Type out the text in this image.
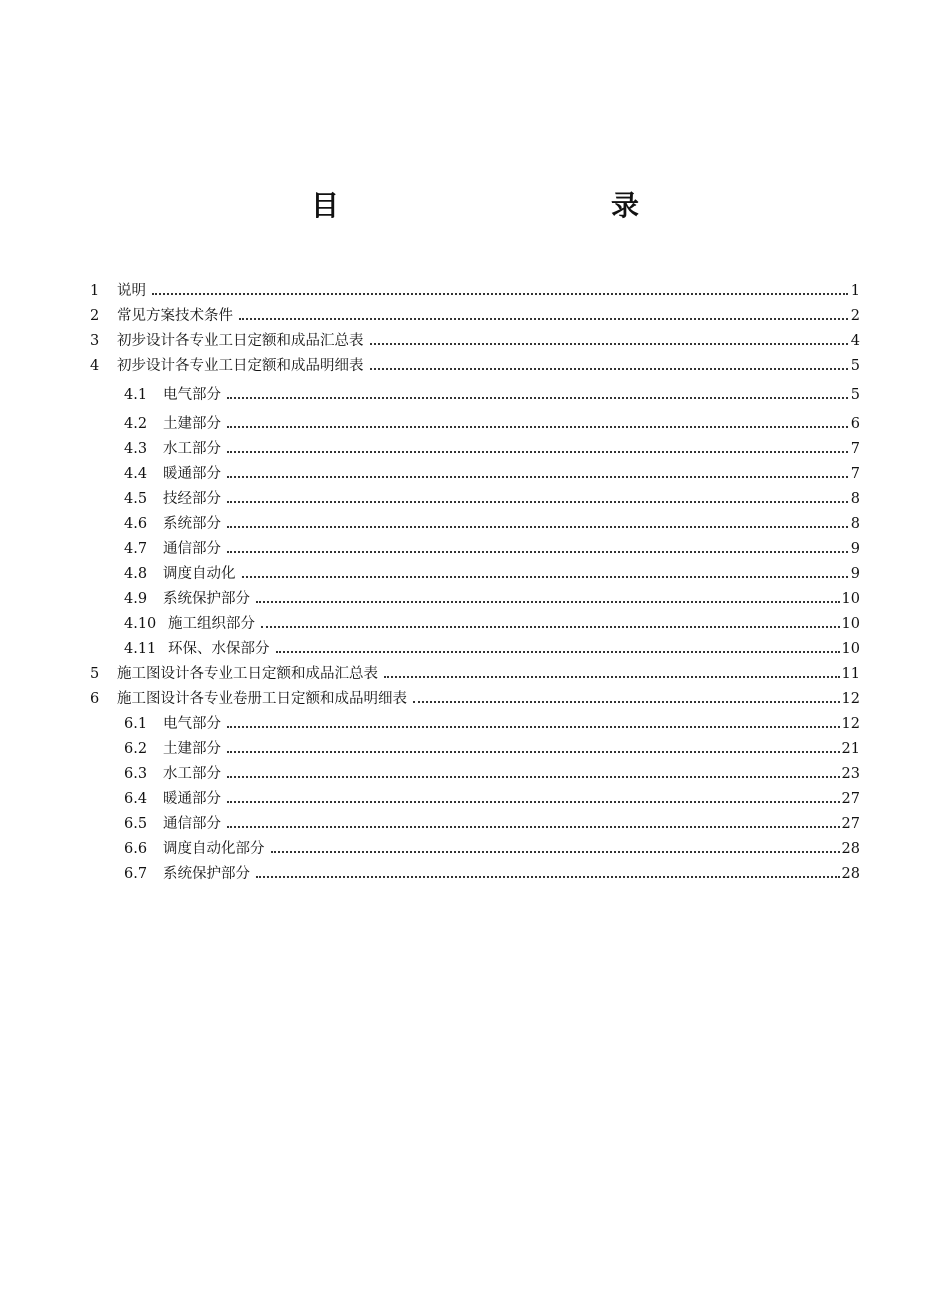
目　　录
1	说明	1
2	常见方案技术条件	2
3	初步设计各专业工日定额和成品汇总表	4
4	初步设计各专业工日定额和成品明细表	5
4.1	电气部分	5
4.2	土建部分	6
4.3	水工部分	7
4.4	暖通部分	7
4.5	技经部分	8
4.6	系统部分	8
4.7	通信部分	9
4.8	调度自动化	9
4.9	系统保护部分	10
4.10 施工组织部分	10
4.11 环保、水保部分	10
5	施工图设计各专业工日定额和成品汇总表	11
6	施工图设计各专业卷册工日定额和成品明细表	12
6.1	电气部分	12
6.2	土建部分	21
6.3	水工部分	23
6.4	暖通部分	27
6.5	通信部分	27
6.6	调度自动化部分	28
6.7	系统保护部分	28
